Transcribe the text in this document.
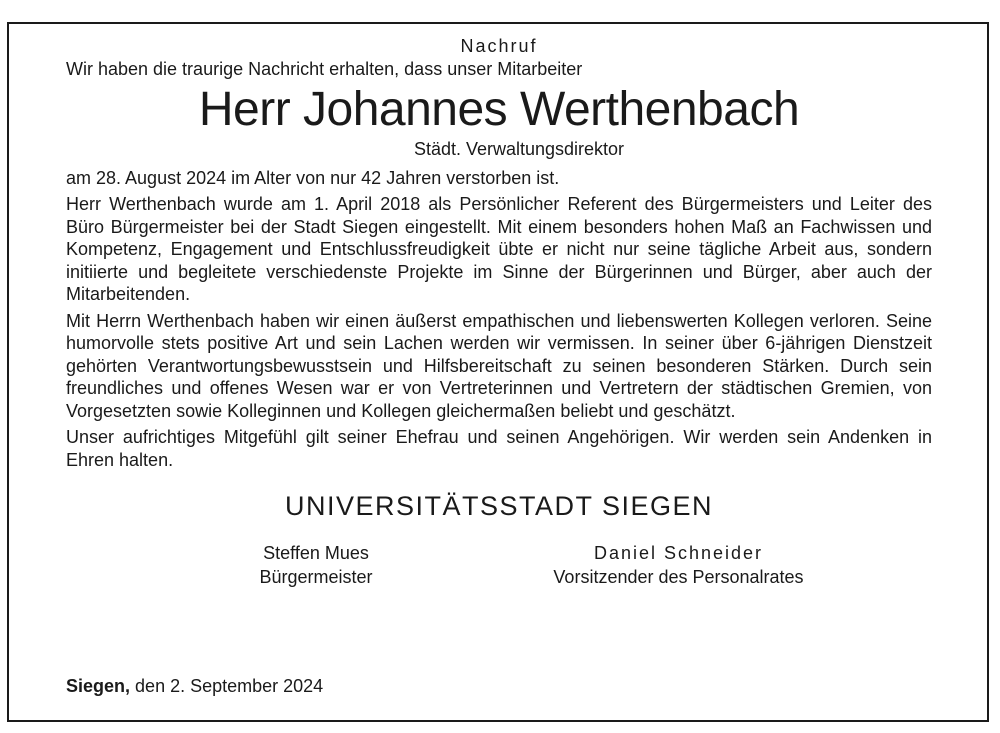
Nachruf

Wir haben die traurige Nachricht erhalten, dass unser Mitarbeiter

Herr Johannes Werthenbach

Städt. Verwaltungsdirektor

am 28. August 2024 im Alter von nur 42 Jahren verstorben ist.

Herr Werthenbach wurde am 1. April 2018 als Persönlicher Referent des Bürgermeisters und Leiter des Büro Bürgermeister bei der Stadt Siegen eingestellt. Mit einem besonders hohen Maß an Fachwissen und Kompetenz, Engagement und Entschlussfreudigkeit übte er nicht nur seine tägliche Arbeit aus, sondern initiierte und begleitete verschiedenste Projekte im Sinne der Bürgerinnen und Bürger, aber auch der Mitarbeitenden.

Mit Herrn Werthenbach haben wir einen äußerst empathischen und liebenswerten Kollegen verloren. Seine humorvolle stets positive Art und sein Lachen werden wir vermissen. In seiner über 6-jährigen Dienstzeit gehörten Verantwortungsbewusstsein und Hilfsbereitschaft zu seinen besonderen Stärken. Durch sein freundliches und offenes Wesen war er von Vertreterinnen und Vertretern der städtischen Gremien, von Vorgesetzten sowie Kolleginnen und Kollegen gleichermaßen beliebt und geschätzt.

Unser aufrichtiges Mitgefühl gilt seiner Ehefrau und seinen Angehörigen. Wir werden sein Andenken in Ehren halten.

UNIVERSITÄTSSTADT SIEGEN

Steffen Mues
Bürgermeister
Daniel Schneider
Vorsitzender des Personalrates
Siegen, den 2. September 2024
